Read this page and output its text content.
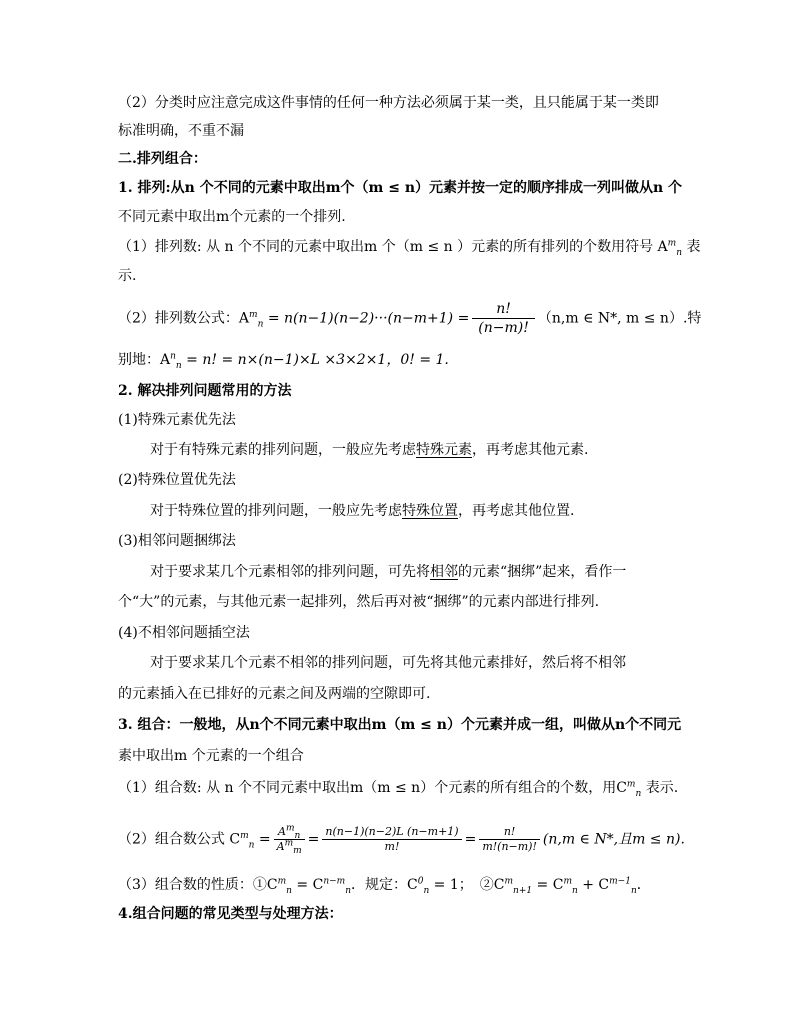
（2）分类时应注意完成这件事情的任何一种方法必须属于某一类，且只能属于某一类即
标准明确，不重不漏
二.排列组合：
1. 排列:从n 个不同的元素中取出m个（m ≤ n）元素并按一定的顺序排成一列叫做从n 个
不同元素中取出m个元素的一个排列.
（1）排列数: 从 n 个不同的元素中取出m 个（m ≤ n ）元素的所有排列的个数用符号 $A^m_n$ 表
示.
（2）排列数公式：$A^m_n = n(n-1)(n-2)\cdot\cdot\cdot(n-m+1) = \frac{n!}{(n-m)!} (n,m$ ∈ N*, m ≤ n）.特
别地：$A^n_n = n$! = n×(n−1)×L ×3×2×1，0! = 1.
2. 解决排列问题常用的方法
(1)特殊元素优先法
对于有特殊元素的排列问题，一般应先考虑特殊元素，再考虑其他元素.
(2)特殊位置优先法
对于特殊位置的排列问题，一般应先考虑特殊位置，再考虑其他位置.
(3)相邻问题捆绑法
对于要求某几个元素相邻的排列问题，可先将相邻的元素“捆绑”起来，看作一
个“大”的元素，与其他元素一起排列，然后再对被“捆绑”的元素内部进行排列.
(4)不相邻问题插空法
对于要求某几个元素不相邻的排列问题，可先将其他元素排好，然后将不相邻
的元素插入在已排好的元素之间及两端的空隙即可.
3. 组合：一般地，从n个不同元素中取出m（m ≤ n）个元素并成一组，叫做从n个不同元
素中取出m 个元素的一个组合
（1）组合数: 从 n 个不同元素中取出m（m ≤ n）个元素的所有组合的个数，用$C^m_n$ 表示.
（2）组合数公式 $C^m_n = \frac{A^m_n}{A^m_m} = \frac{n(n-1)(n-2)L (n-m+1)}{m!} = \frac{n!}{m!(n-m)!} (n,m$ ∈ N*,且m ≤ n).
（3）组合数的性质：$①C^m_n = C^{n-m}_n$．规定：$C^0_n = 1$；　$②C^m_{n+1} = C^m_n + C^{m-1}_n$．
4.组合问题的常见类型与处理方法：
